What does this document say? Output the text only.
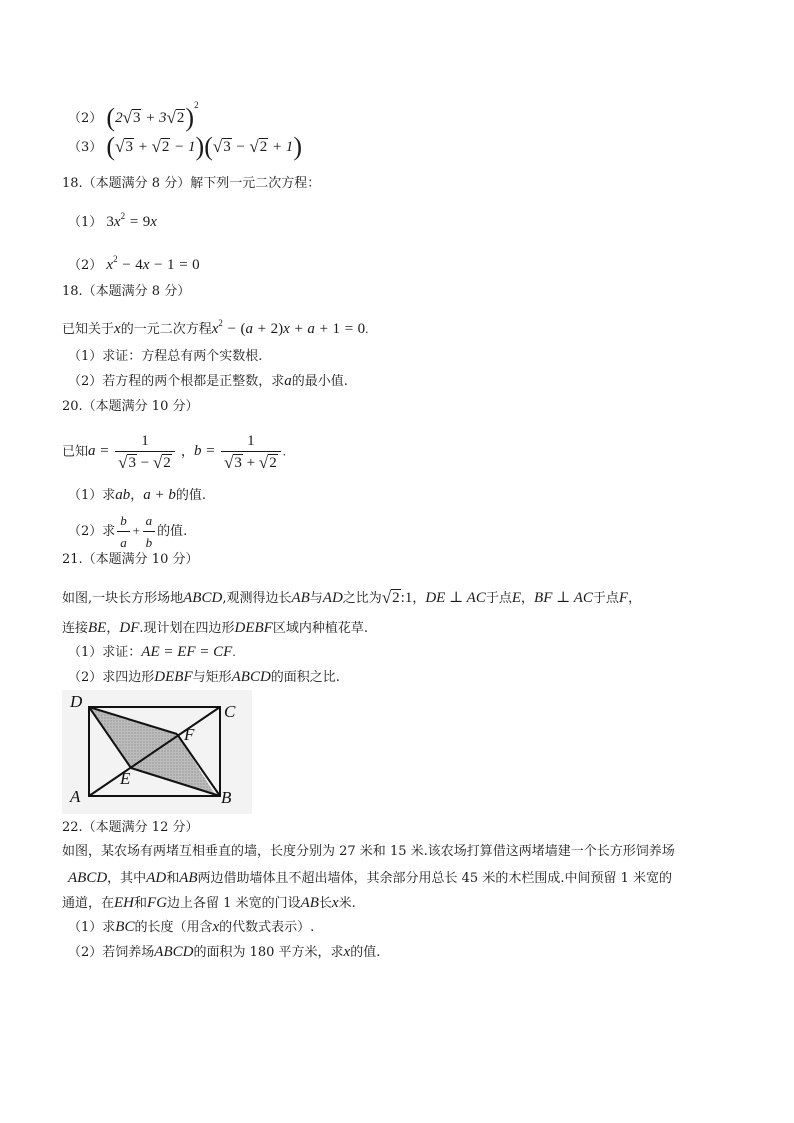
（2） $(2√3 + 3√2)^2$
（3） (√3 + √2 − 1)(√3 − √2 + 1)
18.（本题满分 8 分）解下列一元二次方程：
（1） $3x^2 = 9x$
（2） $x^2 - 4x - 1 = 0$
18.（本题满分 8 分）
已知关于x的一元二次方程$x^2 - (a + 2)x + a + 1 = 0$.
（1）求证：方程总有两个实数根.
（2）若方程的两个根都是正整数，求a的最小值.
20.（本题满分 10 分）
已知$a = \frac{1}{√3 - √2}$ ，$b = \frac{1}{√3 + √2}$ .
（1）求ab，a + b的值.
（2）求 $\frac{b}{a} + \frac{a}{b}$ 的值.
21.（本题满分 10 分）
如图,一块长方形场地ABCD,观测得边长AB与AD之比为√2:1，DE ⊥ AC于点E，BF ⊥ AC于点F，
连接BE，DF.现计划在四边形DEBF区域内种植花草.
（1）求证：AE = EF = CF.
（2）求四边形DEBF与矩形ABCD的面积之比.
D
C
F
E
A	B
22.（本题满分 12 分）
如图，某农场有两堵互相垂直的墙，长度分别为 27 米和 15 米.该农场打算借这两堵墙建一个长方形饲养场
ABCD，其中AD和AB两边借助墙体且不超出墙体，其余部分用总长 45 米的木栏围成.中间预留 1 米宽的
通道，在EH和FG边上各留 1 米宽的门设AB长x米.
（1）求BC的长度（用含x的代数式表示）.
（2）若饲养场ABCD的面积为 180 平方米，求x的值.
